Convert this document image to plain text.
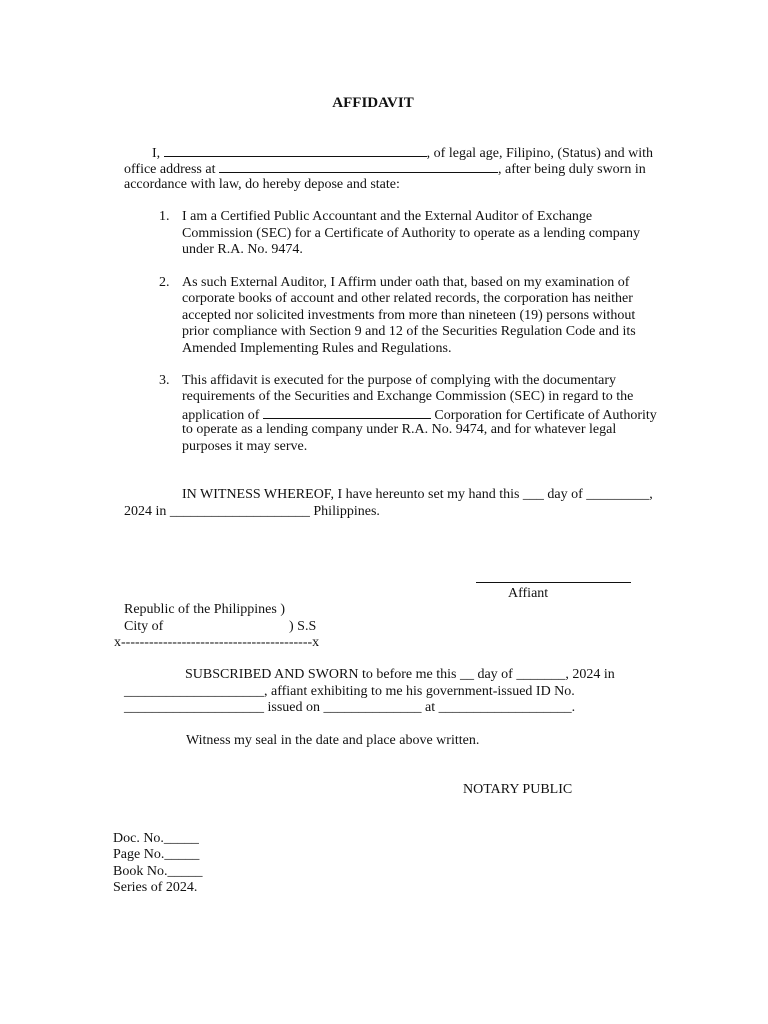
AFFIDAVIT
I,	, of legal age, Filipino, (Status) and with
office address at	, after being duly sworn in
accordance with law, do hereby depose and state:
1. I am a Certified Public Accountant and the External Auditor of Exchange
Commission (SEC) for a Certificate of Authority to operate as a lending company
under R.A. No. 9474.
2. As such External Auditor, I Affirm under oath that, based on my examination of
corporate books of account and other related records, the corporation has neither
accepted nor solicited investments from more than nineteen (19) persons without
prior compliance with Section 9 and 12 of the Securities Regulation Code and its
Amended Implementing Rules and Regulations.
3. This affidavit is executed for the purpose of complying with the documentary
requirements of the Securities and Exchange Commission (SEC) in regard to the
application of	Corporation for Certificate of Authority
to operate as a lending company under R.A. No. 9474, and for whatever legal
purposes it may serve.
IN WITNESS WHEREOF, I have hereunto set my hand this ___ day of _________,
2024 in ____________________ Philippines.
Affiant
Republic of the Philippines )
City of	) S.S
x-----------------------------------------x
SUBSCRIBED AND SWORN to before me this __ day of _______, 2024 in
____________________, affiant exhibiting to me his government-issued ID No.
____________________ issued on ______________ at ___________________.
Witness my seal in the date and place above written.
NOTARY PUBLIC
Doc. No._____
Page No._____
Book No._____
Series of 2024.
